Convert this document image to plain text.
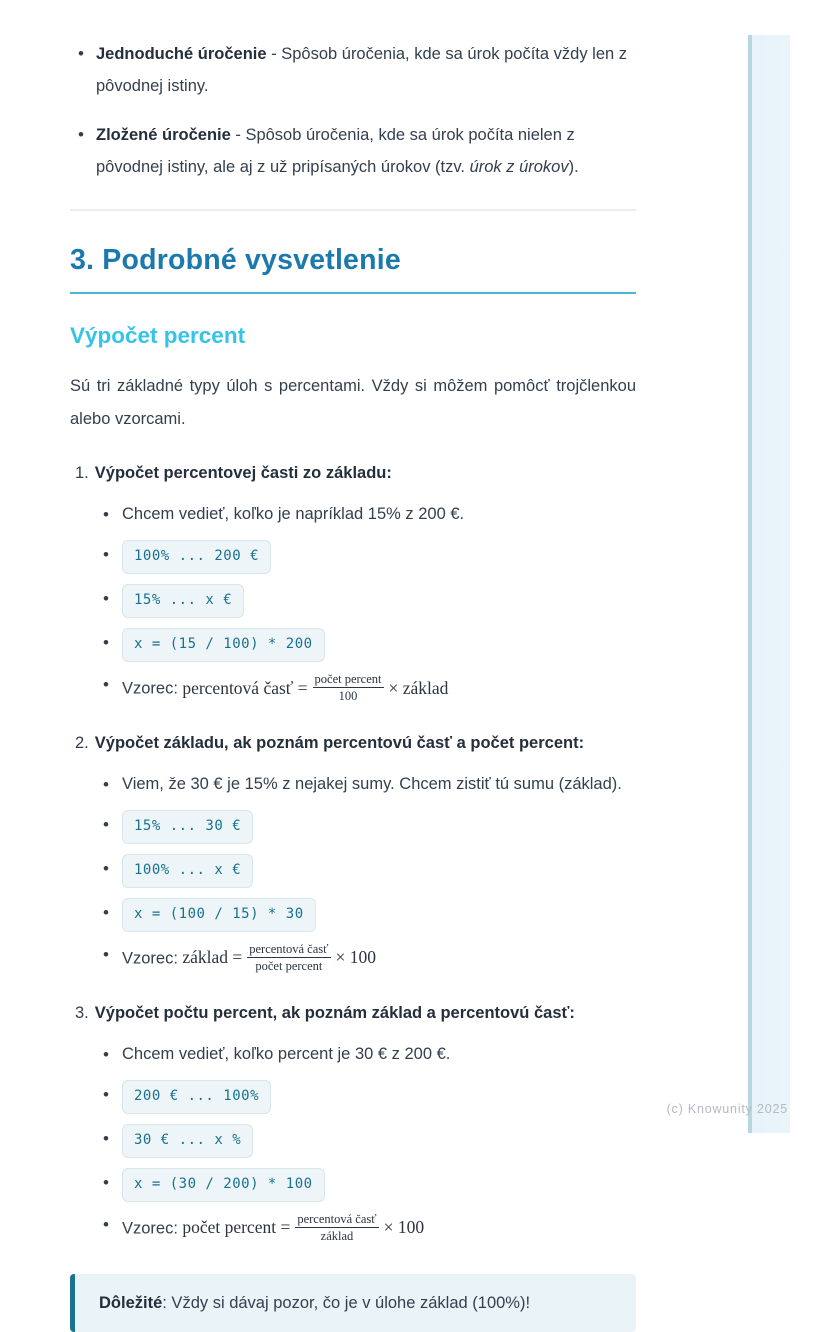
• Jednoduché úročenie - Spôsob úročenia, kde sa úrok počíta vždy len z pôvodnej istiny.
• Zložené úročenie - Spôsob úročenia, kde sa úrok počíta nielen z pôvodnej istiny, ale aj z už pripísaných úrokov (tzv. úrok z úrokov).
3. Podrobné vysvetlenie
Výpočet percent

Sú tri základné typy úloh s percentami. Vždy si môžem pomôcť trojčlenkou alebo vzorcami.

1. Výpočet percentovej časti zo základu:
• Chcem vedieť, koľko je napríklad 15% z 200 €.
• 100% ... 200 €
• 15% ... x €
• x = (15 / 100) * 200
• Vzorec: percentová časť = $\frac{\text{počet percent}}{100}$ × základ
2. Výpočet základu, ak poznám percentovú časť a počet percent:
• Viem, že 30 € je 15% z nejakej sumy. Chcem zistiť tú sumu (základ).
• 15% ... 30 €
• 100% ... x €
• x = (100 / 15) * 30
• Vzorec: základ = $\frac{\text{percentová časť}}{\text{počet percent}} \times 100$
3. Výpočet počtu percent, ak poznám základ a percentovú časť:
• Chcem vedieť, koľko percent je 30 € z 200 €.
• 200 € ... 100%
• 30 € ... x %
• x = (30 / 200) * 100
• Vzorec: počet percent = $\frac{\text{percentová časť}}{\text{základ}} \times 100$
Dôležité: Vždy si dávaj pozor, čo je v úlohe základ (100%)!
(c) Knowunity 2025
